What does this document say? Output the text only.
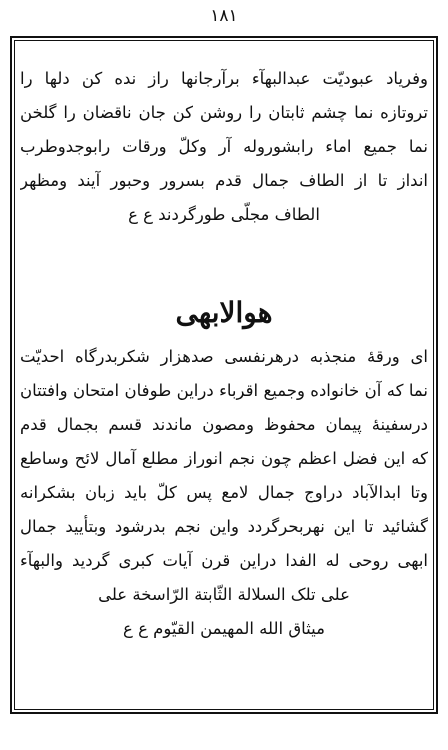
۱۸۱
وفریاد عبودیّت عبدالبهآء برآرجانها راز نده کن دلها را
تروتازه نما چشم ثابتان را روشن کن جان ناقضان را گلخن
نما جمیع اماء رابشوروله آر وکلّ ورقات رابوجدوطرب
انداز تا از الطاف جمال قدم بسرور وحبور آیند ومظهر
الطاف مجلّی طورگردند ع ع
هوالابهی
ای ورقهٔ منجذبه درهرنفسی صدهزار شکربدرگاه احدیّت
نما که آن خانواده وجمیع اقرباء دراین طوفان امتحان وافتتان
درسفینهٔ پیمان محفوظ ومصون ماندند قسم بجمال قدم
که این فضل اعظم چون نجم انوراز مطلع آمال لائح وساطع
وتا ابدالآباد دراوج جمال لامع پس کلّ باید زبان بشکرانه
گشائید تا این نهربحرگردد واین نجم بدرشود وبتأیید جمال
ابهی روحی له الفدا دراین قرن آیات کبری گردید والبهآء
علی تلک السلالة الثّابتة الرّاسخة علی
میثاق الله المهیمن القیّوم ع ع
